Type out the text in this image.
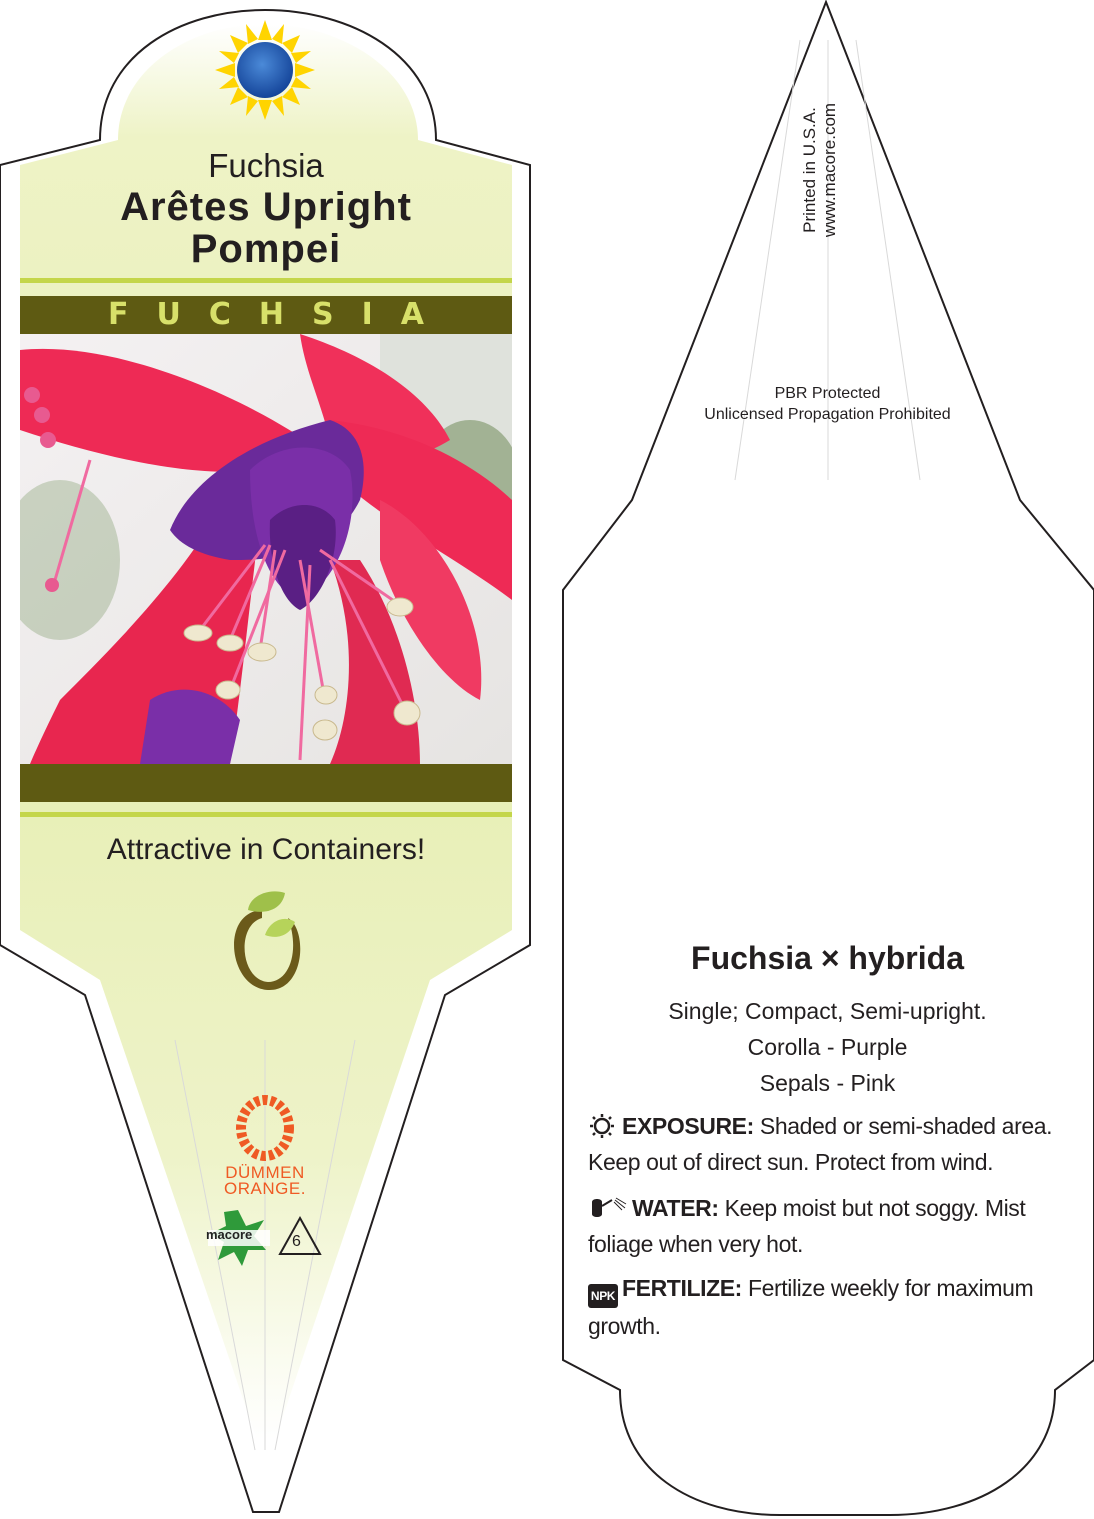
Fuchsia
Arêtes Upright
Pompei
FUCHSIA
Attractive in Containers!
DÜMMEN
ORANGE.
macore 6
Printed in U.S.A. www.macore.com
PBR Protected
Unlicensed Propagation Prohibited
Fuchsia × hybrida
Single; Compact, Semi-upright.
Corolla - Purple
Sepals - Pink
EXPOSURE: Shaded or semi-shaded area. Keep out of direct sun. Protect from wind.
WATER: Keep moist but not soggy. Mist foliage when very hot.
NPK FERTILIZE: Fertilize weekly for maximum growth.
